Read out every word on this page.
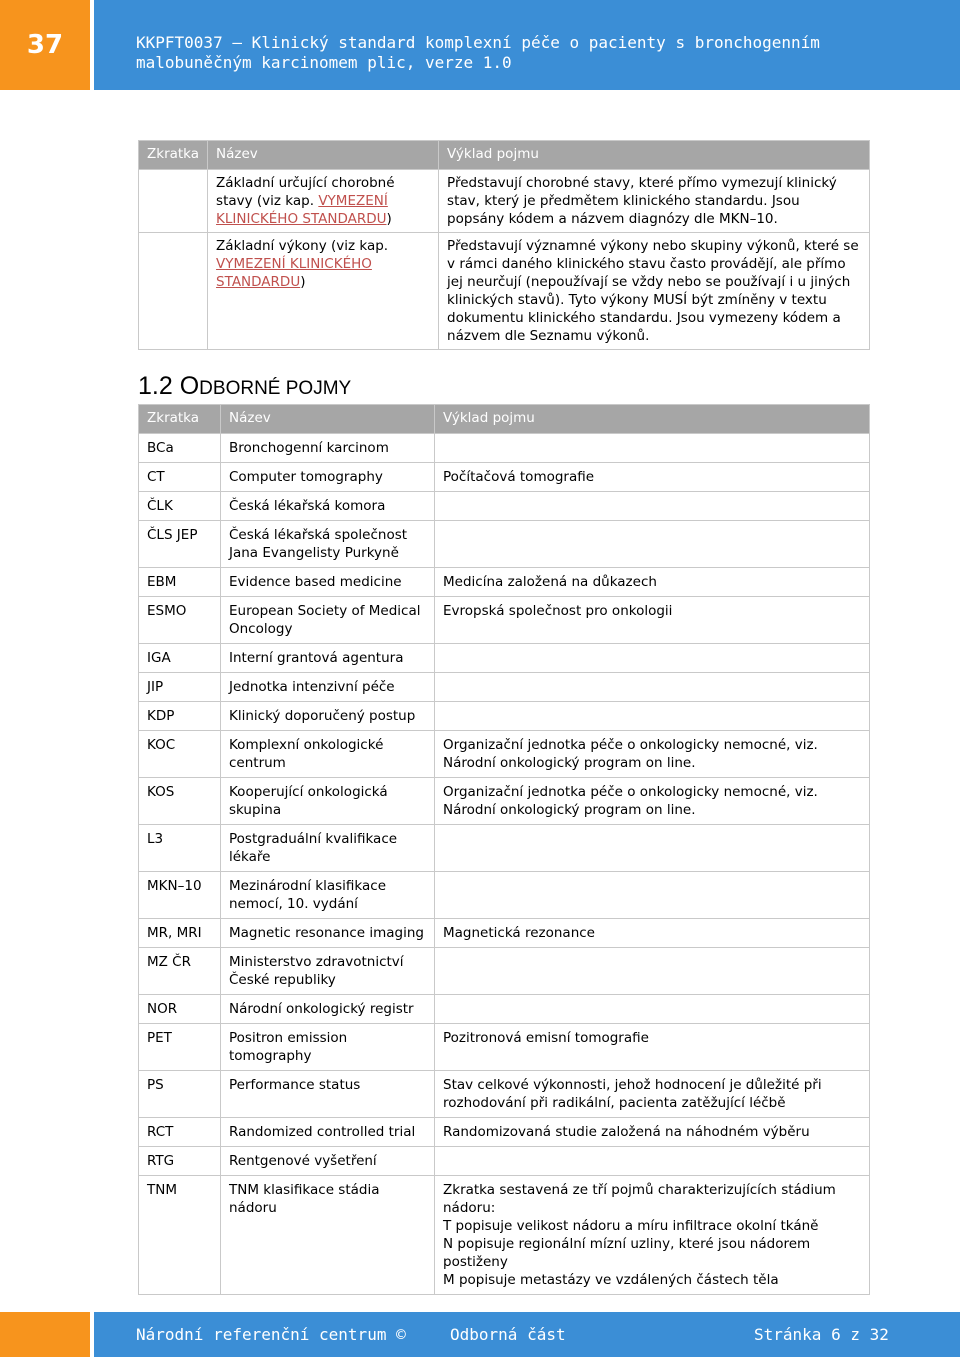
37	KKPFT0037 – Klinický standard komplexní péče o pacienty s bronchogenním malobuněčným karcinomem plic, verze 1.0
Zkratka	Název	Výklad pojmu
	Základní určující chorobné stavy (viz kap. VYMEZENÍ KLINICKÉHO STANDARDU)	Představují chorobné stavy, které přímo vymezují klinický stav, který je předmětem klinického standardu. Jsou popsány kódem a názvem diagnózy dle MKN–10.
	Základní výkony (viz kap. VYMEZENÍ KLINICKÉHO STANDARDU)	Představují významné výkony nebo skupiny výkonů, které se v rámci daného klinického stavu často provádějí, ale přímo jej neurčují (nepoužívají se vždy nebo se používají i u jiných klinických stavů). Tyto výkony MUSÍ být zmíněny v textu dokumentu klinického standardu. Jsou vymezeny kódem a názvem dle Seznamu výkonů.
1.2 ODBORNÉ POJMY
Zkratka	Název	Výklad pojmu
BCa	Bronchogenní karcinom	
CT	Computer tomography	Počítačová tomografie
ČLK	Česká lékařská komora	
ČLS JEP	Česká lékařská společnost Jana Evangelisty Purkyně	
EBM	Evidence based medicine	Medicína založená na důkazech
ESMO	European Society of Medical Oncology	Evropská společnost pro onkologii
IGA	Interní grantová agentura	
JIP	Jednotka intenzivní péče	
KDP	Klinický doporučený postup	
KOC	Komplexní onkologické centrum	Organizační jednotka péče o onkologicky nemocné, viz. Národní onkologický program on line.
KOS	Kooperující onkologická skupina	Organizační jednotka péče o onkologicky nemocné, viz. Národní onkologický program on line.
L3	Postgraduální kvalifikace lékaře	
MKN–10	Mezinárodní klasifikace nemocí, 10. vydání	
MR, MRI	Magnetic resonance imaging	Magnetická rezonance
MZ ČR	Ministerstvo zdravotnictví České republiky	
NOR	Národní onkologický registr	
PET	Positron emission tomography	Pozitronová emisní tomografie
PS	Performance status	Stav celkové výkonnosti, jehož hodnocení je důležité při rozhodování při radikální, pacienta zatěžující léčbě
RCT	Randomized controlled trial	Randomizovaná studie založená na náhodném výběru
RTG	Rentgenové vyšetření	
TNM	TNM klasifikace stádia nádoru	Zkratka sestavená ze tří pojmů charakterizujících stádium nádoru:
T popisuje velikost nádoru a míru infiltrace okolní tkáně
N popisuje regionální mízní uzliny, které jsou nádorem postiženy
M popisuje metastázy ve vzdálených částech těla
Národní referenční centrum ©	Odborná část	Stránka 6 z 32
